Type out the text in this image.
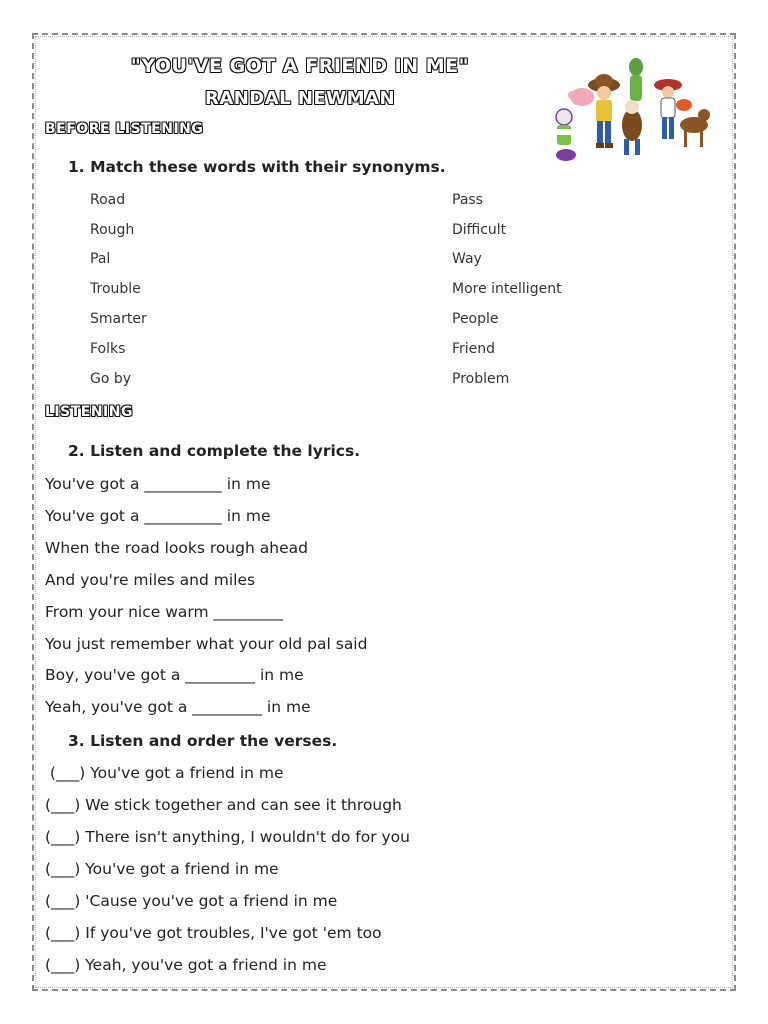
"YOU'VE GOT A FRIEND IN ME"
RANDAL NEWMAN
BEFORE LISTENING
1. Match these words with their synonyms.
Road
Rough
Pal
Trouble
Smarter
Folks
Go by
Pass
Difficult
Way
More intelligent
People
Friend
Problem
LISTENING
2. Listen and complete the lyrics.
You've got a __________ in me
You've got a __________ in me
When the road looks rough ahead
And you're miles and miles
From your nice warm _________
You just remember what your old pal said
Boy, you've got a _________ in me
Yeah, you've got a _________ in me
3. Listen and order the verses.
(___) You've got a friend in me
(___) We stick together and can see it through
(___) There isn't anything, I wouldn't do for you
(___) You've got a friend in me
(___) 'Cause you've got a friend in me
(___) If you've got troubles, I've got 'em too
(___) Yeah, you've got a friend in me
